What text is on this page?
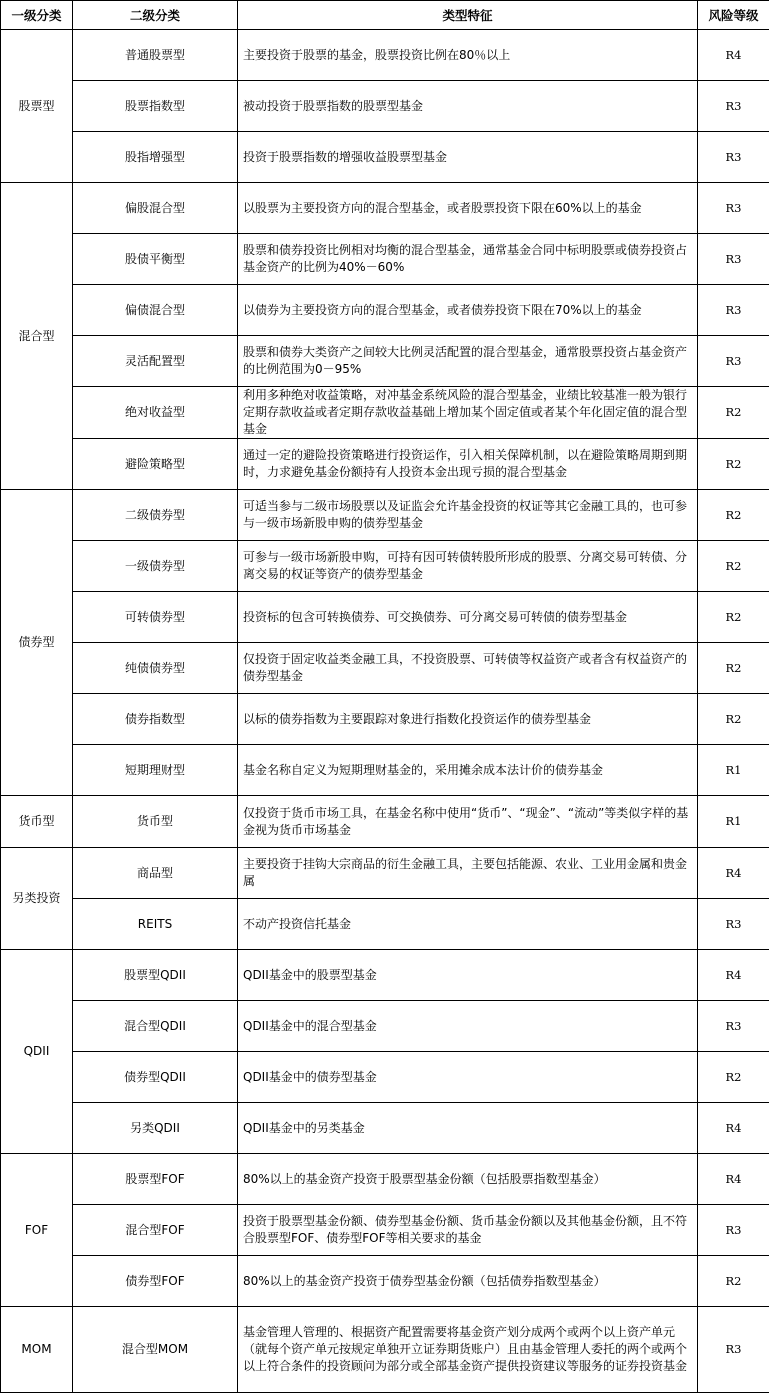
一级分类	二级分类	类型特征	风险等级
股票型	普通股票型	主要投资于股票的基金，股票投资比例在80％以上	R4
	股票指数型	被动投资于股票指数的股票型基金	R3
	股指增强型	投资于股票指数的增强收益股票型基金	R3
混合型	偏股混合型	以股票为主要投资方向的混合型基金，或者股票投资下限在60%以上的基金	R3
	股债平衡型	股票和债券投资比例相对均衡的混合型基金，通常基金合同中标明股票或债券投资占基金资产的比例为40%－60%	R3
	偏债混合型	以债券为主要投资方向的混合型基金，或者债券投资下限在70%以上的基金	R3
	灵活配置型	股票和债券大类资产之间较大比例灵活配置的混合型基金，通常股票投资占基金资产的比例范围为0－95%	R3
	绝对收益型	利用多种绝对收益策略，对冲基金系统风险的混合型基金，业绩比较基准一般为银行定期存款收益或者定期存款收益基础上增加某个固定值或者某个年化固定值的混合型基金	R2
	避险策略型	通过一定的避险投资策略进行投资运作，引入相关保障机制，以在避险策略周期到期时，力求避免基金份额持有人投资本金出现亏损的混合型基金	R2
债券型	二级债券型	可适当参与二级市场股票以及证监会允许基金投资的权证等其它金融工具的，也可参与一级市场新股申购的债券型基金	R2
	一级债券型	可参与一级市场新股申购，可持有因可转债转股所形成的股票、分离交易可转债、分离交易的权证等资产的债券型基金	R2
	可转债券型	投资标的包含可转换债券、可交换债券、可分离交易可转债的债券型基金	R2
	纯债债券型	仅投资于固定收益类金融工具，不投资股票、可转债等权益资产或者含有权益资产的债券型基金	R2
	债券指数型	以标的债券指数为主要跟踪对象进行指数化投资运作的债券型基金	R2
	短期理财型	基金名称自定义为短期理财基金的，采用摊余成本法计价的债券基金	R1
货币型	货币型	仅投资于货币市场工具，在基金名称中使用“货币”、“现金”、“流动”等类似字样的基金视为货币市场基金	R1
另类投资	商品型	主要投资于挂钩大宗商品的衍生金融工具，主要包括能源、农业、工业用金属和贵金属	R4
	REITS	不动产投资信托基金	R3
QDII	股票型QDII	QDII基金中的股票型基金	R4
	混合型QDII	QDII基金中的混合型基金	R3
	债券型QDII	QDII基金中的债券型基金	R2
	另类QDII	QDII基金中的另类基金	R4
FOF	股票型FOF	80%以上的基金资产投资于股票型基金份额（包括股票指数型基金）	R4
	混合型FOF	投资于股票型基金份额、债券型基金份额、货币基金份额以及其他基金份额，且不符合股票型FOF、债券型FOF等相关要求的基金	R3
	债券型FOF	80%以上的基金资产投资于债券型基金份额（包括债券指数型基金）	R2
MOM	混合型MOM	基金管理人管理的、根据资产配置需要将基金资产划分成两个或两个以上资产单元（就每个资产单元按规定单独开立证券期货账户）且由基金管理人委托的两个或两个以上符合条件的投资顾问为部分或全部基金资产提供投资建议等服务的证券投资基金	R3
